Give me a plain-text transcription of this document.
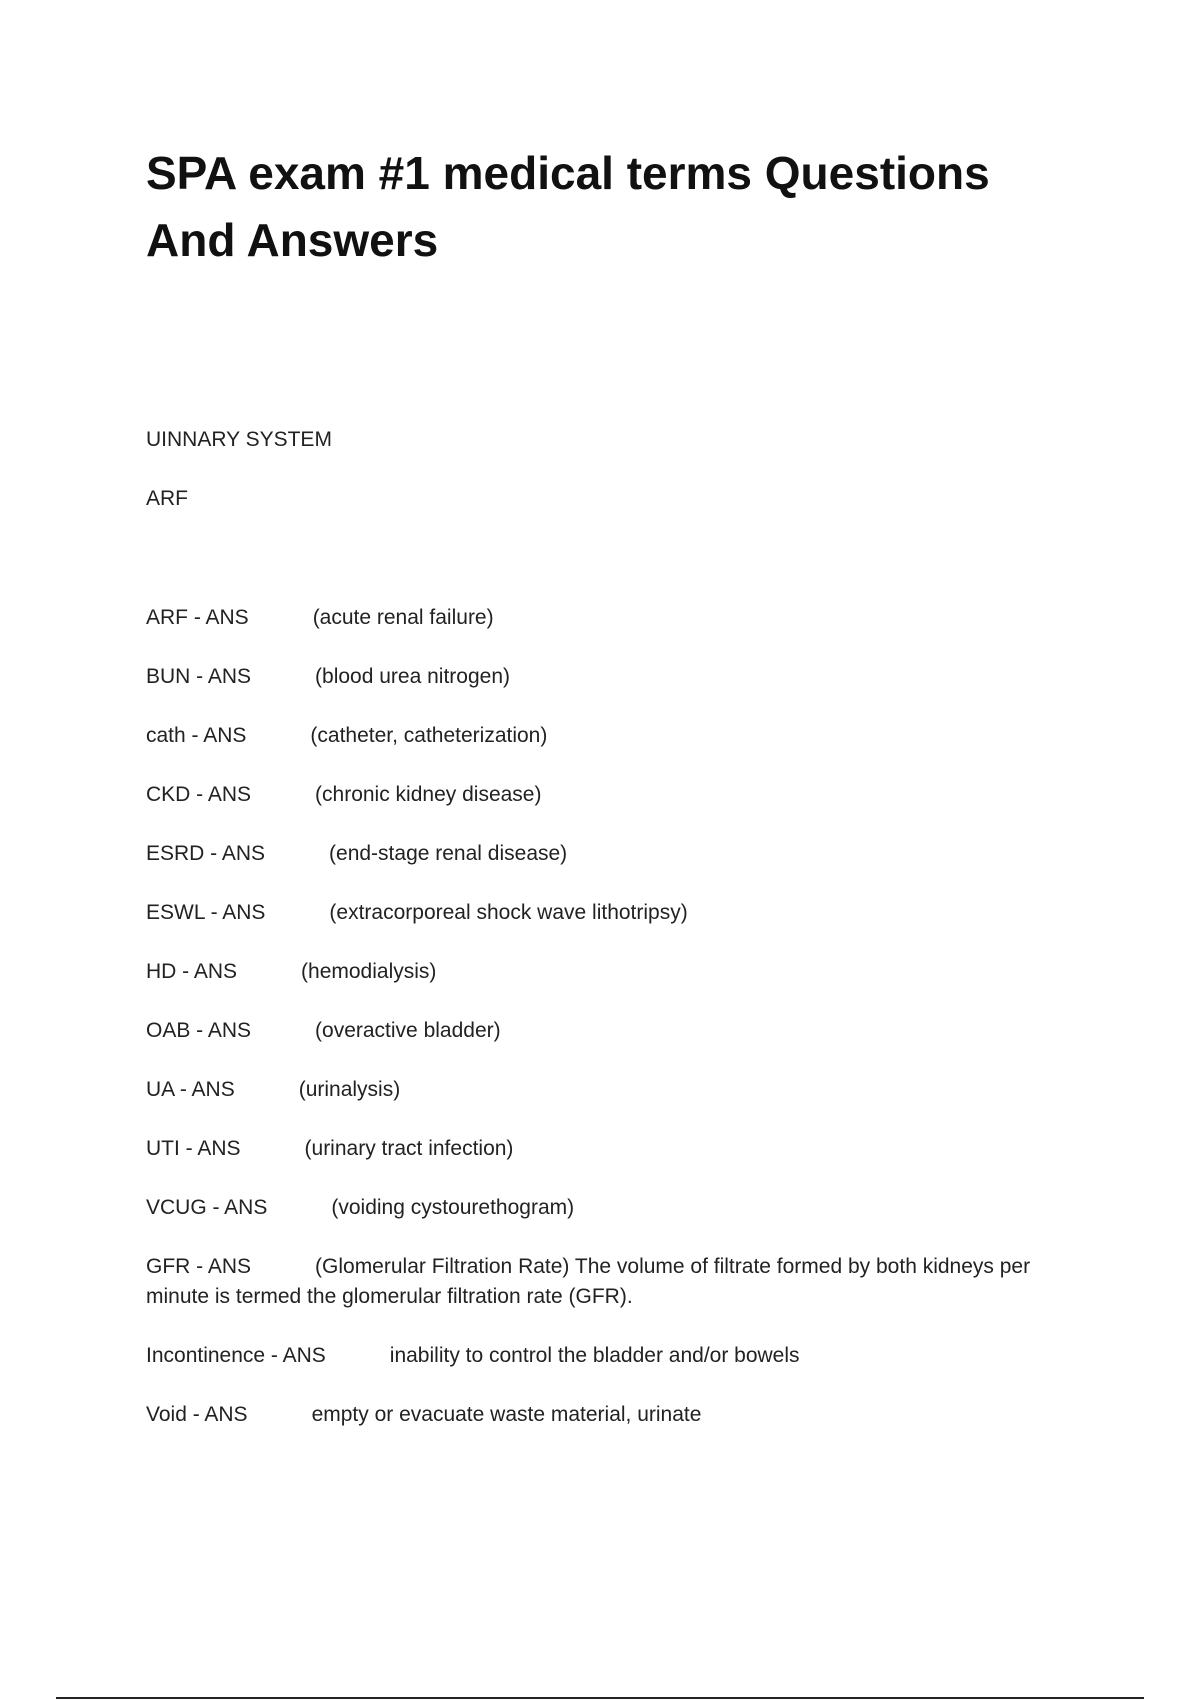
SPA exam #1 medical terms Questions And Answers
UINNARY SYSTEM
ARF
ARF - ANS	(acute renal failure)
BUN - ANS	(blood urea nitrogen)
cath - ANS	(catheter, catheterization)
CKD - ANS	(chronic kidney disease)
ESRD - ANS	(end-stage renal disease)
ESWL - ANS	(extracorporeal shock wave lithotripsy)
HD - ANS	(hemodialysis)
OAB - ANS	(overactive bladder)
UA - ANS	(urinalysis)
UTI - ANS	(urinary tract infection)
VCUG - ANS	(voiding cystourethogram)
GFR - ANS	(Glomerular Filtration Rate) The volume of filtrate formed by both kidneys per minute is termed the glomerular filtration rate (GFR).
Incontinence - ANS	inability to control the bladder and/or bowels
Void - ANS	empty or evacuate waste material, urinate
